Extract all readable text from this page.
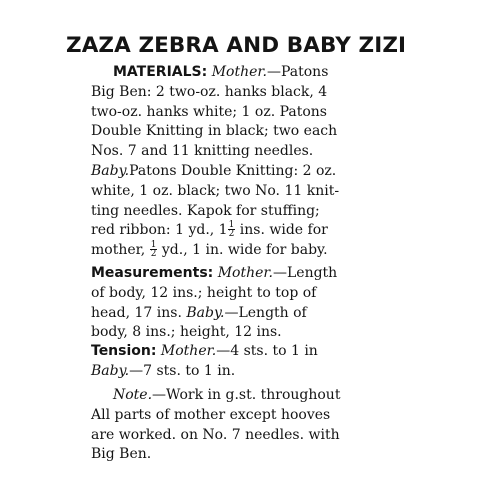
ZAZA ZEBRA AND BABY ZIZI
MATERIALS: Mother.—Patons
Big Ben: 2 two-oz. hanks black, 4
two-oz. hanks white; 1 oz. Patons
Double Knitting in black; two each
Nos. 7 and 11 knitting needles.
Baby.Patons Double Knitting: 2 oz.
white, 1 oz. black; two No. 11 knit-
ting needles. Kapok for stuffing;
red ribbon: 1 yd., $1 \frac{1}{2}$ ins. wide for
mother, $\frac{1}{2}$ yd., 1 in. wide for baby.
Measurements: Mother.—Length
of body, 12 ins.; height to top of
head, 17 ins. Baby.—Length of
body, 8 ins.; height, 12 ins.
Tension: Mother.—4 sts. to 1 in
Baby.—7 sts. to 1 in.
Note.—Work in g.st. throughout
All parts of mother except hooves
are worked. on No. 7 needles. with
Big Ben.
